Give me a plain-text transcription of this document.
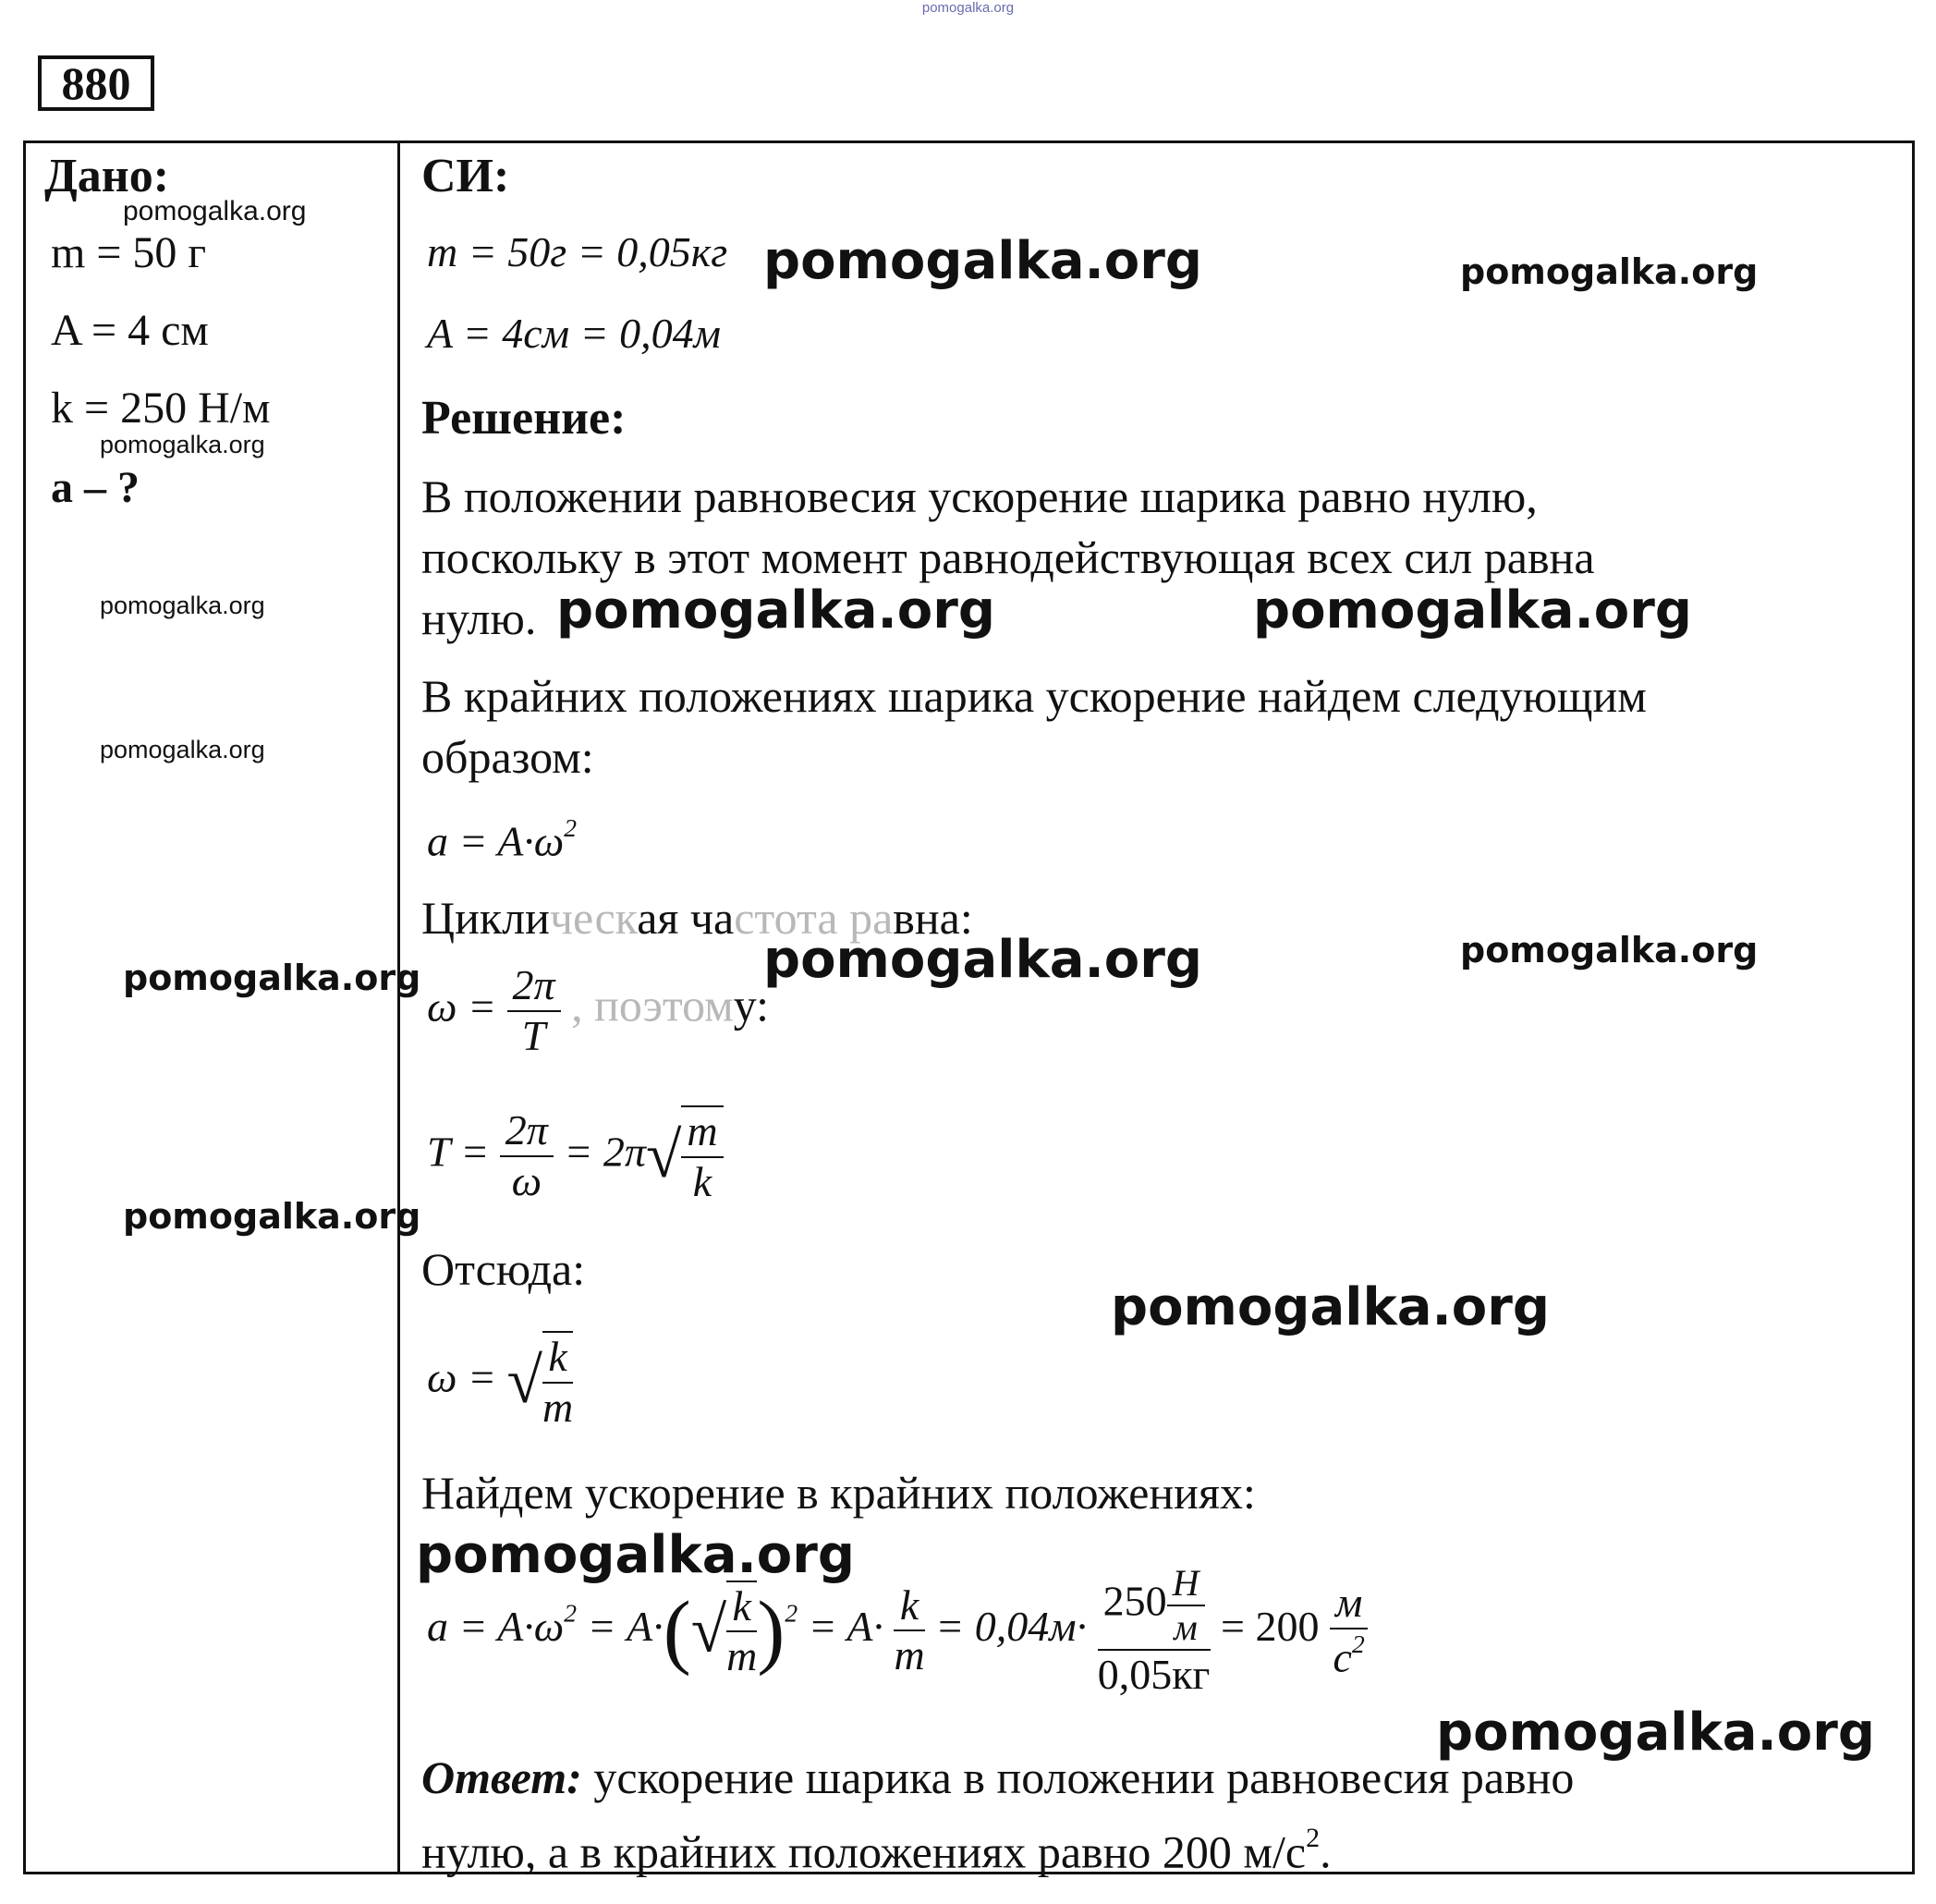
pomogalka.org
880
Дано:
m = 50 г
A = 4 см
k = 250 Н/м
a – ?
СИ:
m = 50г = 0,05кг
A = 4см = 0,04м
Решение:
В положении равновесия ускорение шарика равно нулю,
поскольку в этот момент равнодействующая всех сил равна
нулю.
В крайних положениях шарика ускорение найдем следующим
образом:
$a = A\cdot\omega^2$
Циклическая частота равна:
$\omega = \frac{2\pi}{T}$ , поэтому:
$T = \frac{2\pi}{\omega} = 2\pi√ \frac{m}{k}$
Отсюда:
ω = √ $\frac{k}{m}$
Найдем ускорение в крайних положениях:
$a = A\cdot\omega^2 = A\cdot(√ \frac{k}{m} )^2 = A\cdot \frac{k}{m} = 0,04м\cdot \frac{250 \frac{Н}{м}}{0,05кг} = 200 \frac{м}{с^2}$
Ответ: ускорение шарика в положении равновесия равно
нулю, а в крайних положениях равно 200 $м/с^2$.
pomogalka.org
pomogalka.org
pomogalka.org
pomogalka.org
pomogalka.org
pomogalka.org
pomogalka.org	pomogalka.org
pomogalka.org	pomogalka.org
pomogalka.org	pomogalka.org
pomogalka.org
pomogalka.org
pomogalka.org
